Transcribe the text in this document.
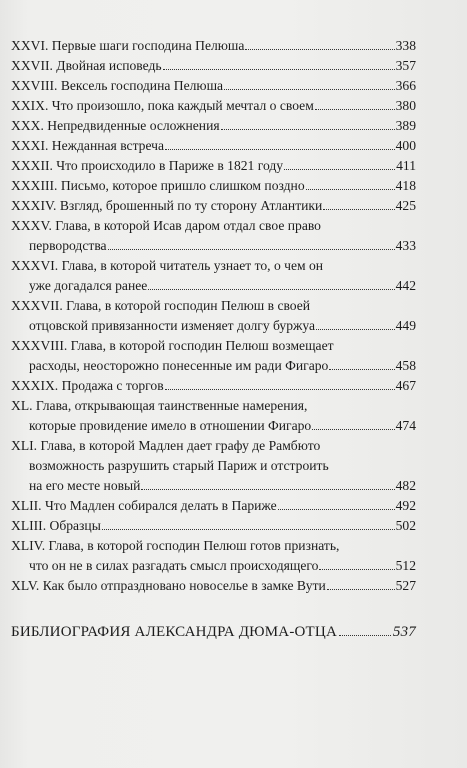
XXVI. Первые шаги господина Пелюша	338
XXVII. Двойная исповедь	357
XXVIII. Вексель господина Пелюша	366
XXIX. Что произошло, пока каждый мечтал о своем	380
XXX. Непредвиденные осложнения	389
XXXI. Нежданная встреча	400
XXXII. Что происходило в Париже в 1821 году	411
XXXIII. Письмо, которое пришло слишком поздно	418
XXXIV. Взгляд, брошенный по ту сторону Атлантики	425
XXXV. Глава, в которой Исав даром отдал свое право
первородства	433
XXXVI. Глава, в которой читатель узнает то, о чем он
уже догадался ранее	442
XXXVII. Глава, в которой господин Пелюш в своей
отцовской привязанности изменяет долгу буржуа	449
XXXVIII. Глава, в которой господин Пелюш возмещает
расходы, неосторожно понесенные им ради Фигаро	458
XXXIX. Продажа с торгов	467
XL. Глава, открывающая таинственные намерения,
которые провидение имело в отношении Фигаро	474
XLI. Глава, в которой Мадлен дает графу де Рамбюто
возможность разрушить старый Париж и отстроить
на его месте новый	482
XLII. Что Мадлен собирался делать в Париже	492
XLIII. Образцы	502
XLIV. Глава, в которой господин Пелюш готов признать,
что он не в силах разгадать смысл происходящего	512
XLV. Как было отпраздновано новоселье в замке Вути	527
БИБЛИОГРАФИЯ АЛЕКСАНДРА ДЮМА-ОТЦА	537
